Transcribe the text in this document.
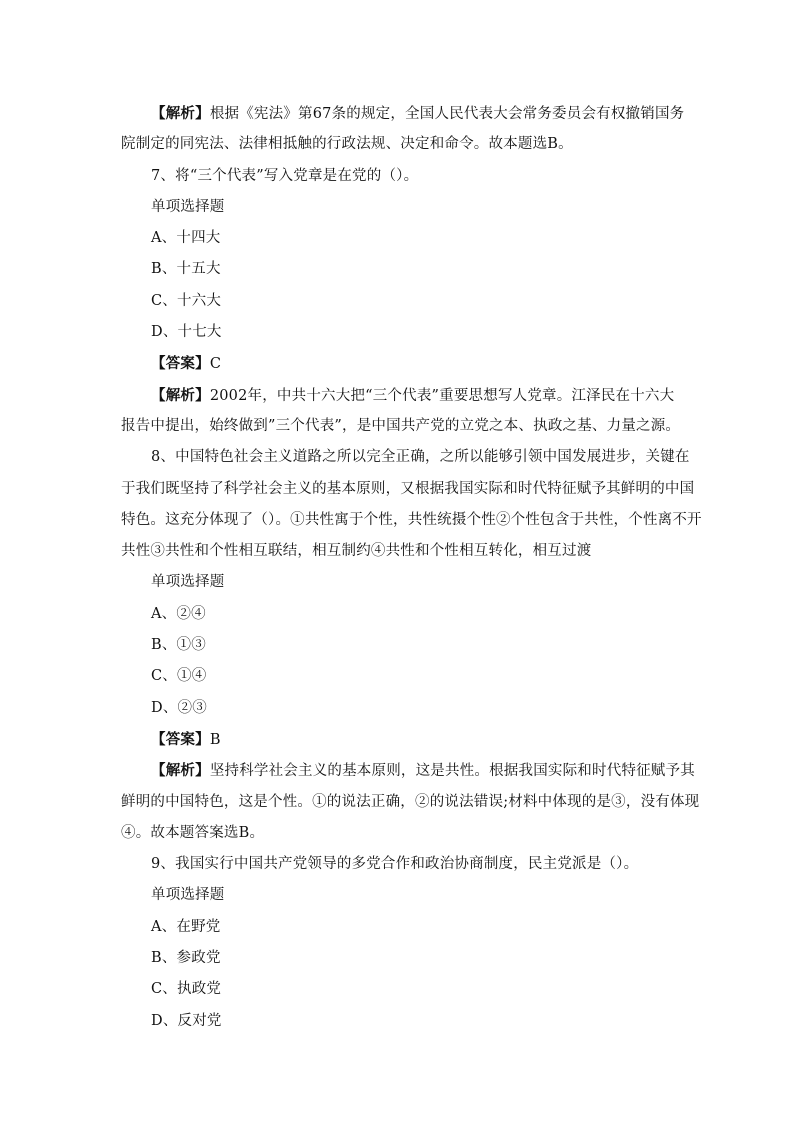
【解析】根据《宪法》第67条的规定，全国人民代表大会常务委员会有权撤销国务
院制定的同宪法、法律相抵触的行政法规、决定和命令。故本题选B。
7、将“三个代表”写入党章是在党的（）。
单项选择题
A、十四大
B、十五大
C、十六大
D、十七大
【答案】C
【解析】2002年，中共十六大把“三个代表”重要思想写人党章。江泽民在十六大
报告中提出，始终做到”三个代表”，是中国共产党的立党之本、执政之基、力量之源。
8、中国特色社会主义道路之所以完全正确，之所以能够引领中国发展进步，关键在
于我们既坚持了科学社会主义的基本原则，又根据我国实际和时代特征赋予其鲜明的中国
特色。这充分体现了（）。①共性寓于个性，共性统摄个性②个性包含于共性，个性离不开
共性③共性和个性相互联结，相互制约④共性和个性相互转化，相互过渡
单项选择题
A、②④
B、①③
C、①④
D、②③
【答案】B
【解析】坚持科学社会主义的基本原则，这是共性。根据我国实际和时代特征赋予其
鲜明的中国特色，这是个性。①的说法正确，②的说法错误;材料中体现的是③，没有体现
④。故本题答案选B。
9、我国实行中国共产党领导的多党合作和政治协商制度，民主党派是（）。
单项选择题
A、在野党
B、参政党
C、执政党
D、反对党
